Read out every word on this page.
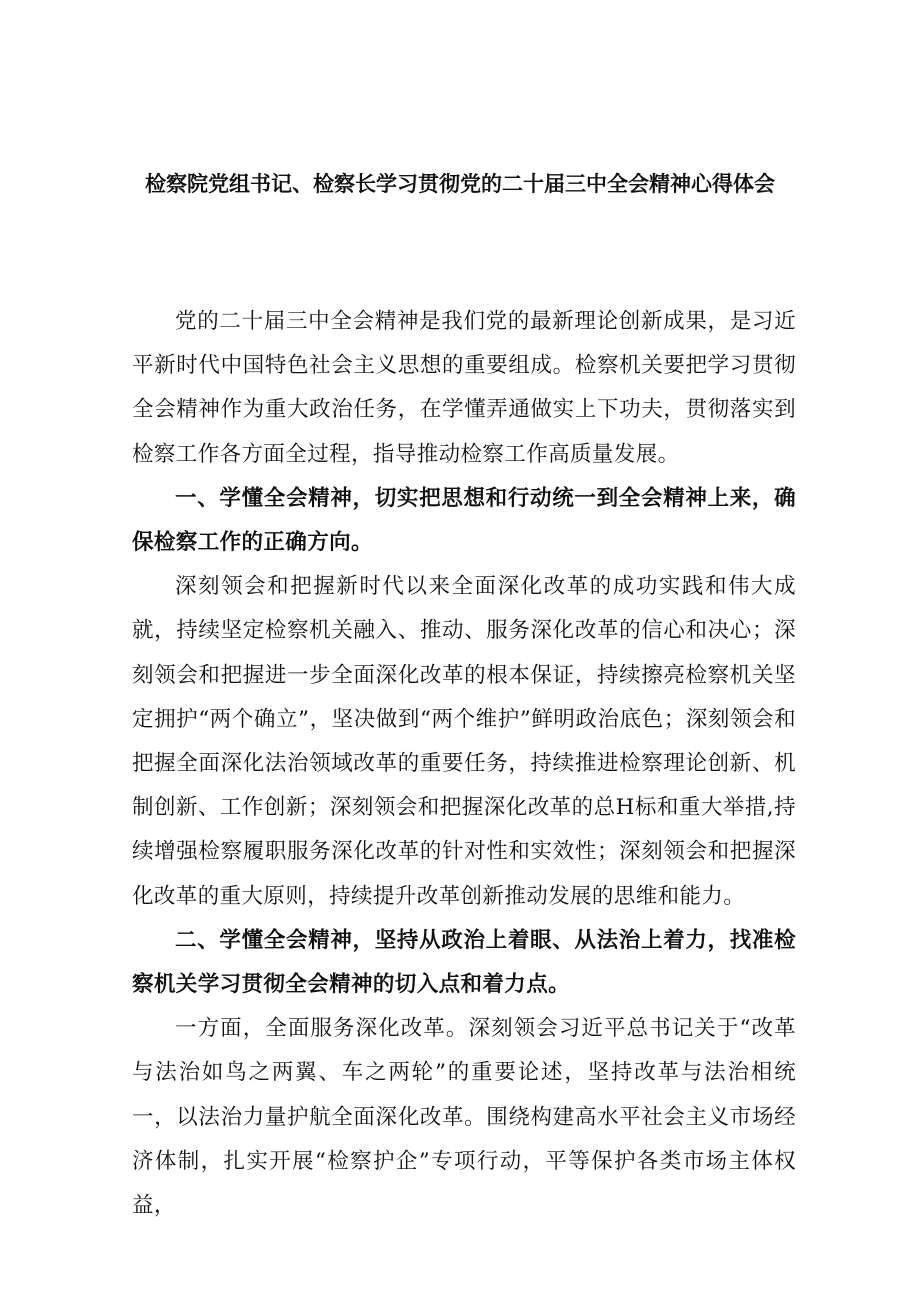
检察院党组书记、检察长学习贯彻党的二十届三中全会精神心得体会

党的二十届三中全会精神是我们党的最新理论创新成果，是习近平新时代中国特色社会主义思想的重要组成。检察机关要把学习贯彻全会精神作为重大政治任务，在学懂弄通做实上下功夫，贯彻落实到检察工作各方面全过程，指导推动检察工作高质量发展。

一、学懂全会精神，切实把思想和行动统一到全会精神上来，确保检察工作的正确方向。

深刻领会和把握新时代以来全面深化改革的成功实践和伟大成就，持续坚定检察机关融入、推动、服务深化改革的信心和决心；深刻领会和把握进一步全面深化改革的根本保证，持续擦亮检察机关坚定拥护“两个确立”，坚决做到“两个维护”鲜明政治底色；深刻领会和把握全面深化法治领域改革的重要任务，持续推进检察理论创新、机制创新、工作创新；深刻领会和把握深化改革的总H标和重大举措,持续增强检察履职服务深化改革的针对性和实效性；深刻领会和把握深化改革的重大原则，持续提升改革创新推动发展的思维和能力。

二、学懂全会精神，坚持从政治上着眼、从法治上着力，找准检察机关学习贯彻全会精神的切入点和着力点。

一方面，全面服务深化改革。深刻领会习近平总书记关于“改革与法治如鸟之两翼、车之两轮”的重要论述，坚持改革与法治相统一，以法治力量护航全面深化改革。围绕构建高水平社会主义市场经济体制，扎实开展“检察护企”专项行动，平等保护各类市场主体权益，
